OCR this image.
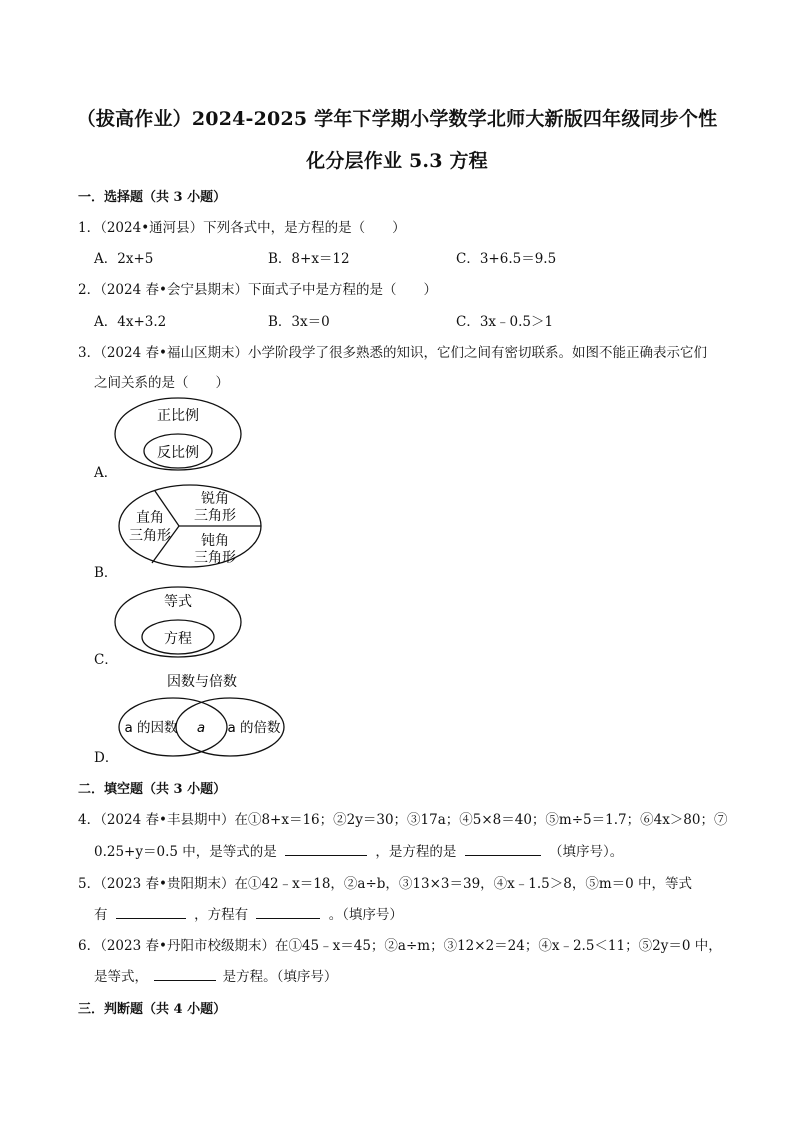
（拔高作业）2024-2025 学年下学期小学数学北师大新版四年级同步个性
化分层作业 5.3 方程
一．选择题（共 3 小题）
1．（2024•通河县）下列各式中，是方程的是（　　）
A．2x+5	B．8+x＝12	C．3+6.5＝9.5
2．（2024 春•会宁县期末）下面式子中是方程的是（　　）
A．4x+3.2	B．3x＝0	C．3x﹣0.5＞1
3．（2024 春•福山区期末）小学阶段学了很多熟悉的知识，它们之间有密切联系。如图不能正确表示它们
之间关系的是（　　）
正比例
反比例
A．
直角
三角形
锐角
三角形
钝角
三角形
B．
等式
方程
C．
因数与倍数
a 的因数 a a 的倍数
D．
二．填空题（共 3 小题）
4．（2024 春•丰县期中）在①8+x＝16；②2y＝30；③17a；④5×8＝40；⑤m÷5＝1.7；⑥4x＞80；⑦
0.25+y＝0.5 中，是等式的是	，是方程的是	（填序号）。
5．（2023 春•贵阳期末）在①42﹣x＝18，②a÷b，③13×3＝39，④x﹣1.5＞8，⑤m＝0 中，等式
有	，方程有	。（填序号）
6．（2023 春•丹阳市校级期末）在①45﹣x＝45；②a÷m；③12×2＝24；④x﹣2.5＜11；⑤2y＝0 中，
是等式，	是方程。（填序号）
三．判断题（共 4 小题）
